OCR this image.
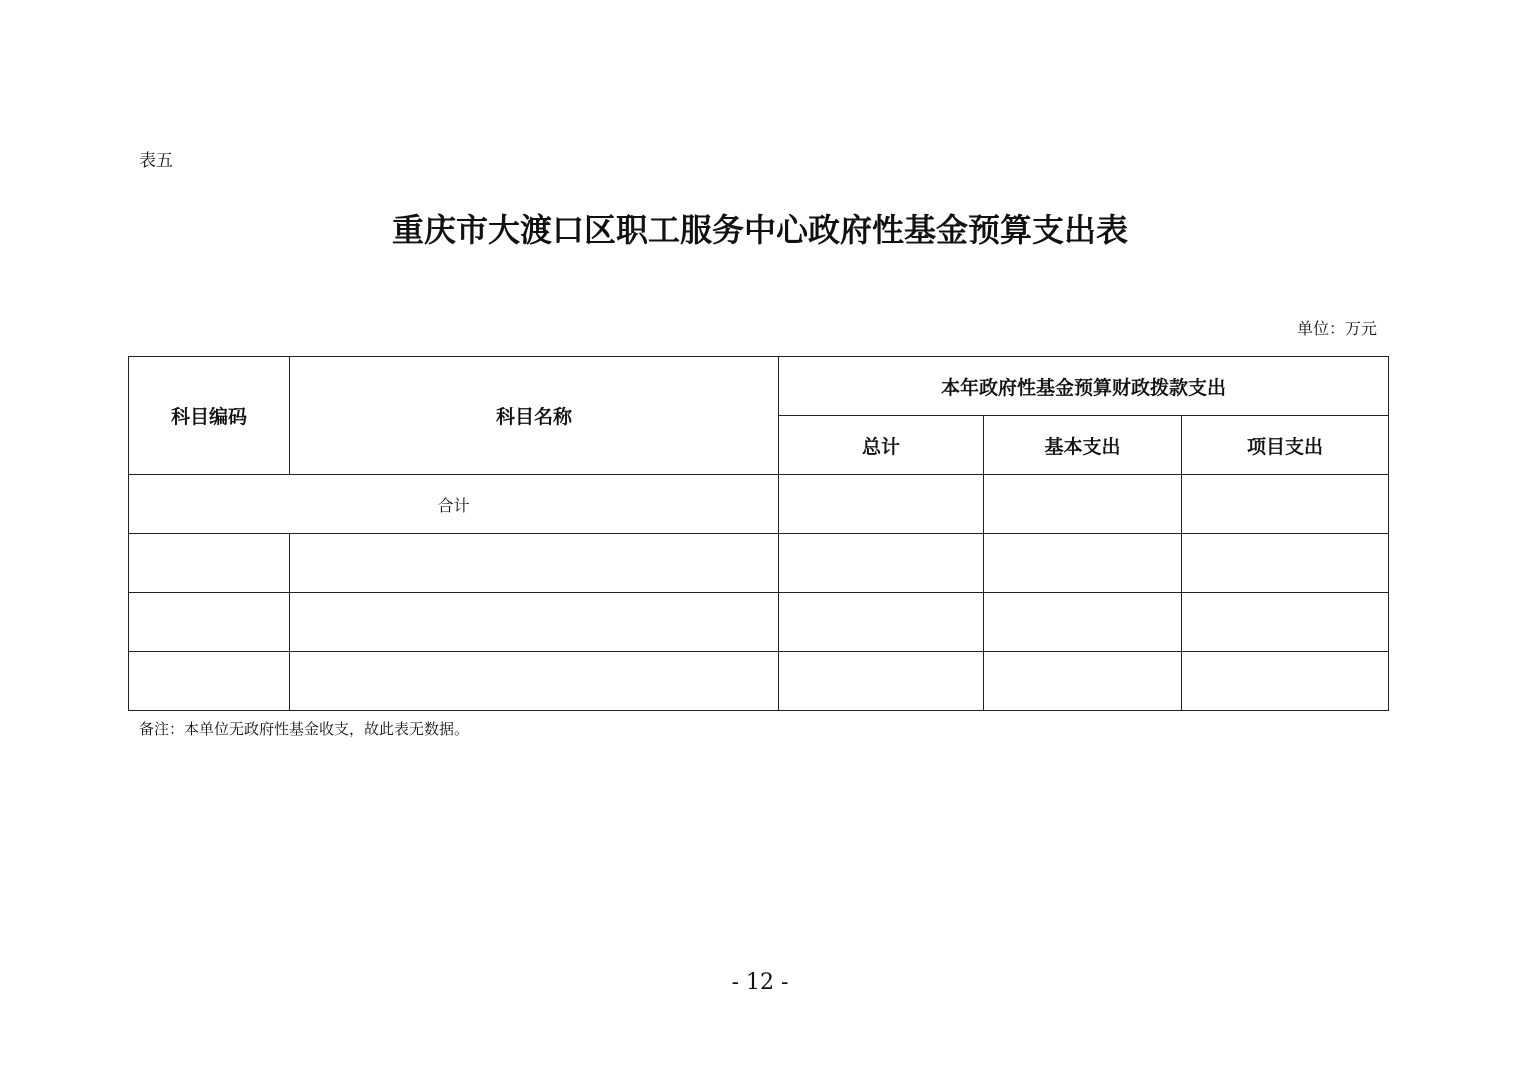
表五
重庆市大渡口区职工服务中心政府性基金预算支出表
单位：万元
科目编码	科目名称	本年政府性基金预算财政拨款支出		
		总计	基本支出	项目支出
合计				

备注：本单位无政府性基金收支，故此表无数据。
- 12 -
